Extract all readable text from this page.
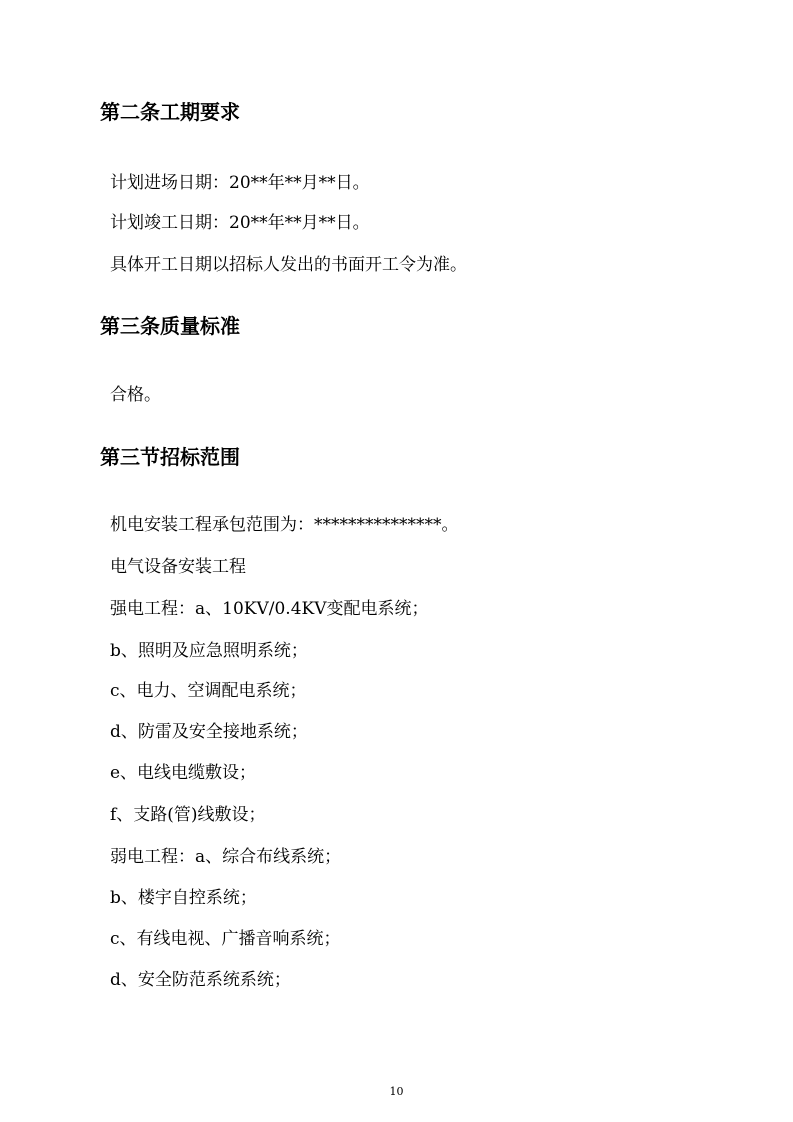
第二条工期要求
计划进场日期：20**年**月**日。
计划竣工日期：20**年**月**日。
具体开工日期以招标人发出的书面开工令为准。
第三条质量标准
合格。
第三节招标范围
机电安装工程承包范围为：***************。
电气设备安装工程
强电工程：a、10KV/0.4KV变配电系统；
b、照明及应急照明系统；
c、电力、空调配电系统；
d、防雷及安全接地系统；
e、电线电缆敷设；
f、支路(管)线敷设；
弱电工程：a、综合布线系统；
b、楼宇自控系统；
c、有线电视、广播音响系统；
d、安全防范系统系统；
10
